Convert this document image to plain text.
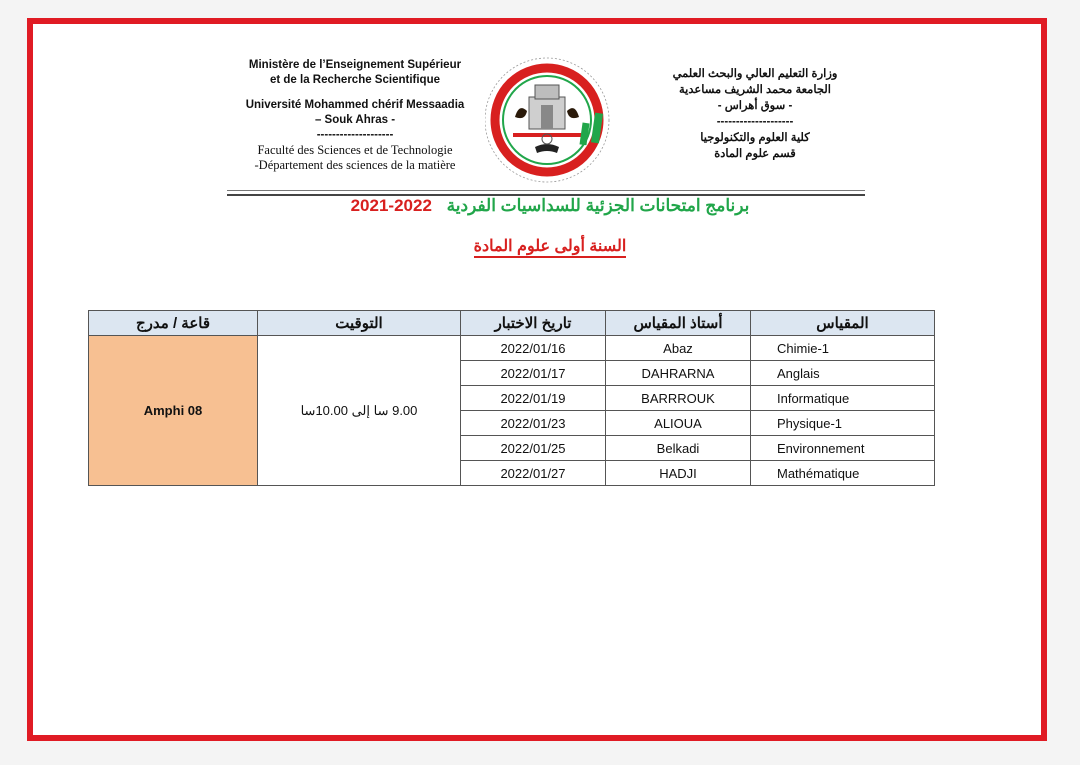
Ministère de l’Enseignement Supérieur
et de la Recherche Scientifique
Université Mohammed chérif Messaadia
– Souk Ahras -
--------------------
Faculté des Sciences et de Technologie
-Département des sciences de la matière
وزارة التعليم العالي والبحث العلمي
الجامعة محمد الشريف مساعدية
- سوق أهراس -
--------------------
كلية العلوم والتكنولوجيا
قسم علوم المادة
برنامج امتحانات الجزئية للسداسيات الفردية 2022-2021
السنة أولى علوم المادة
قاعة / مدرج	التوقيت	تاريخ الاختبار	أستاذ المقياس	المقياس
Amphi 08	9.00 سا إلى 10.00سا	2022/01/16	Abaz	Chimie-1
		2022/01/17	DAHRARNA	Anglais
		2022/01/19	BARRROUK	Informatique
		2022/01/23	ALIOUA	Physique-1
		2022/01/25	Belkadi	Environnement
		2022/01/27	HADJI	Mathématique
